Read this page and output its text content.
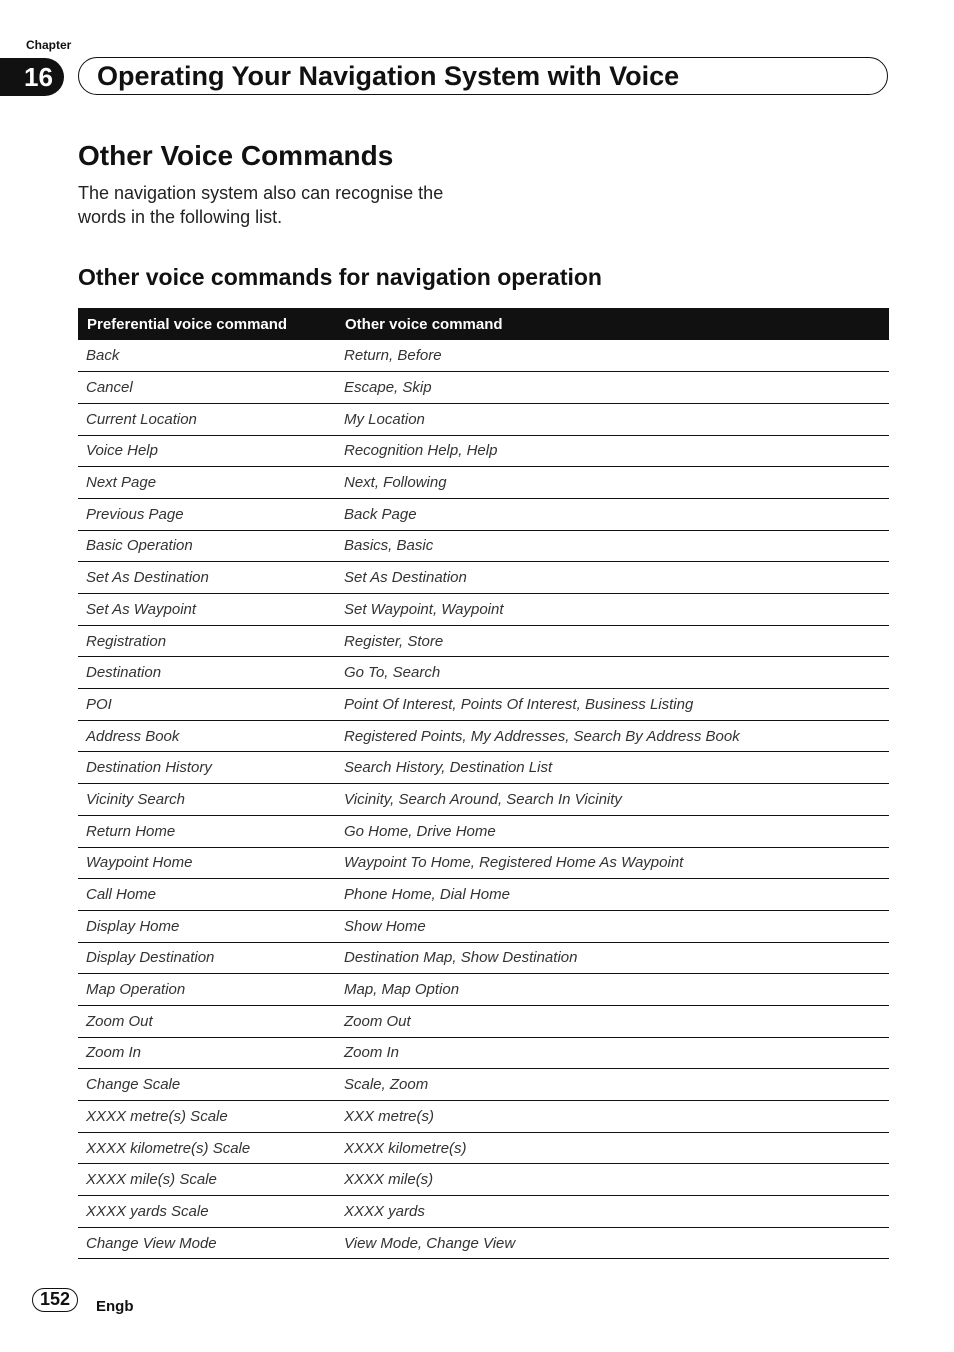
Chapter
16	Operating Your Navigation System with Voice
Other Voice Commands

The navigation system also can recognise the words in the following list.

Other voice commands for navigation operation
Preferential voice command	Other voice command
Back	Return, Before
Cancel	Escape, Skip
Current Location	My Location
Voice Help	Recognition Help, Help
Next Page	Next, Following
Previous Page	Back Page
Basic Operation	Basics, Basic
Set As Destination	Set As Destination
Set As Waypoint	Set Waypoint, Waypoint
Registration	Register, Store
Destination	Go To, Search
POI	Point Of Interest, Points Of Interest, Business Listing
Address Book	Registered Points, My Addresses, Search By Address Book
Destination History	Search History, Destination List
Vicinity Search	Vicinity, Search Around, Search In Vicinity
Return Home	Go Home, Drive Home
Waypoint Home	Waypoint To Home, Registered Home As Waypoint
Call Home	Phone Home, Dial Home
Display Home	Show Home
Display Destination	Destination Map, Show Destination
Map Operation	Map, Map Option
Zoom Out	Zoom Out
Zoom In	Zoom In
Change Scale	Scale, Zoom
XXXX metre(s) Scale	XXX metre(s)
XXXX kilometre(s) Scale	XXXX kilometre(s)
XXXX mile(s) Scale	XXXX mile(s)
XXXX yards Scale	XXXX yards
Change View Mode	View Mode, Change View
152	Engb
